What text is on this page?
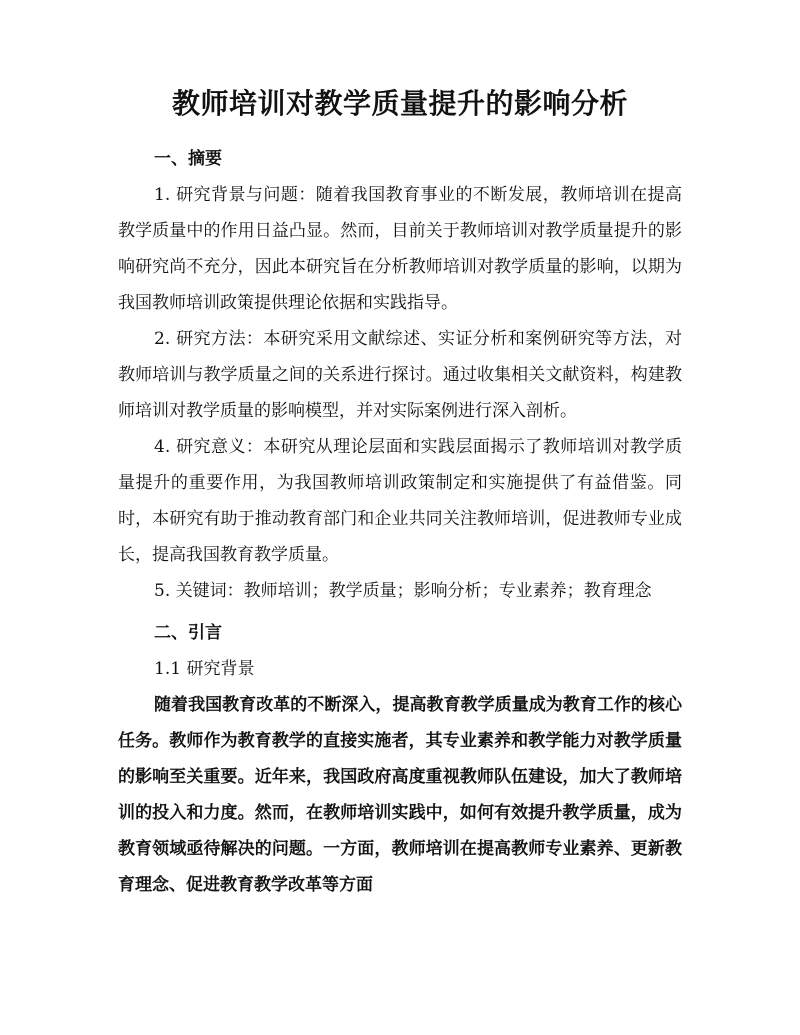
教师培训对教学质量提升的影响分析

一、摘要

1. 研究背景与问题：随着我国教育事业的不断发展，教师培训在提高教学质量中的作用日益凸显。然而，目前关于教师培训对教学质量提升的影响研究尚不充分，因此本研究旨在分析教师培训对教学质量的影响，以期为我国教师培训政策提供理论依据和实践指导。

2. 研究方法：本研究采用文献综述、实证分析和案例研究等方法，对教师培训与教学质量之间的关系进行探讨。通过收集相关文献资料，构建教师培训对教学质量的影响模型，并对实际案例进行深入剖析。

4. 研究意义：本研究从理论层面和实践层面揭示了教师培训对教学质量提升的重要作用，为我国教师培训政策制定和实施提供了有益借鉴。同时，本研究有助于推动教育部门和企业共同关注教师培训，促进教师专业成长，提高我国教育教学质量。

5. 关键词：教师培训；教学质量；影响分析；专业素养；教育理念

二、引言

1.1 研究背景

随着我国教育改革的不断深入，提高教育教学质量成为教育工作的核心任务。教师作为教育教学的直接实施者，其专业素养和教学能力对教学质量的影响至关重要。近年来，我国政府高度重视教师队伍建设，加大了教师培训的投入和力度。然而，在教师培训实践中，如何有效提升教学质量，成为教育领域亟待解决的问题。一方面，教师培训在提高教师专业素养、更新教育理念、促进教育教学改革等方面
